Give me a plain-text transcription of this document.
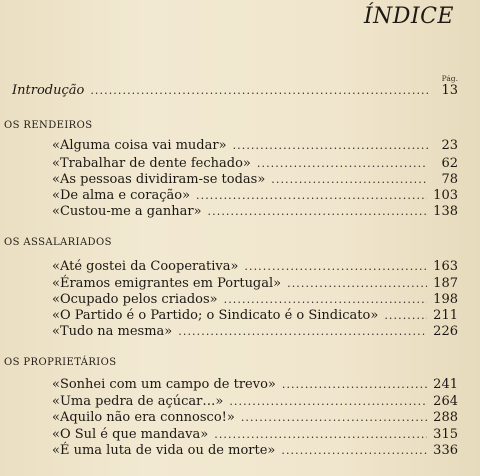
ÍNDICE
Pág.
Introdução . . .	13
OS RENDEIROS
«Alguma coisa vai mudar» . . .	23
«Trabalhar de dente fechado» . . .	62
«As pessoas dividiram-se todas» . . .	78
«De alma e coração» . . .	103
«Custou-me a ganhar» . . .	138
OS ASSALARIADOS
«Até gostei da Cooperativa» . . .	163
«Éramos emigrantes em Portugal» . . .	187
«Ocupado pelos criados» . . .	198
«O Partido é o Partido; o Sindicato é o Sindicato» . . .	211
«Tudo na mesma» . . .	226
OS PROPRIETÁRIOS
«Sonhei com um campo de trevo» . . .	241
«Uma pedra de açúcar…» . . .	264
«Aquilo não era connosco!» . . .	288
«O Sul é que mandava» . . .	315
«É uma luta de vida ou de morte» . . .	336
